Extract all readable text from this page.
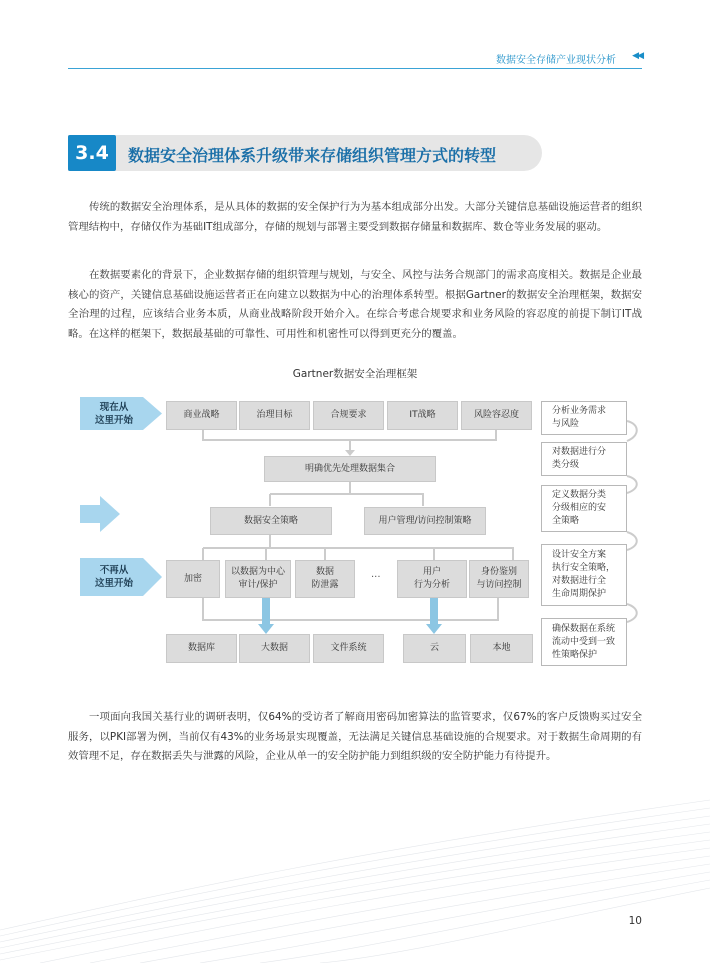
数据安全存储产业现状分析 ◀◀
3.4	数据安全治理体系升级带来存储组织管理方式的转型
传统的数据安全治理体系，是从具体的数据的安全保护行为为基本组成部分出发。大部分关键信息基础设施运营者的组织管理结构中，存储仅作为基础IT组成部分，存储的规划与部署主要受到数据存储量和数据库、数仓等业务发展的驱动。
在数据要素化的背景下，企业数据存储的组织管理与规划，与安全、风控与法务合规部门的需求高度相关。数据是企业最核心的资产，关键信息基础设施运营者正在向建立以数据为中心的治理体系转型。根据Gartner的数据安全治理框架，数据安全治理的过程，应该结合业务本质，从商业战略阶段开始介入。在综合考虑合规要求和业务风险的容忍度的前提下制订IT战略。在这样的框架下，数据最基础的可靠性、可用性和机密性可以得到更充分的覆盖。
Gartner数据安全治理框架
现在从
这里开始
不再从
这里开始
商业战略	治理目标	合规要求	IT战略	风险容忍度
明确优先处理数据集合
数据安全策略	用户管理/访问控制策略
加密
以数据为中心
审计/保护
数据
防泄露
···	用户
行为分析
身份鉴别
与访问控制
数据库	大数据	文件系统	云	本地
分析业务需求
与风险
对数据进行分
类分级
定义数据分类
分级相应的安
全策略
设计安全方案
执行安全策略，
对数据进行全
生命周期保护
确保数据在系统
流动中受到一致
性策略保护
一项面向我国关基行业的调研表明，仅64%的受访者了解商用密码加密算法的监管要求，仅67%的客户反馈购买过安全服务，以PKI部署为例，当前仅有43%的业务场景实现覆盖，无法满足关键信息基础设施的合规要求。对于数据生命周期的有效管理不足，存在数据丢失与泄露的风险，企业从单一的安全防护能力到组织级的安全防护能力有待提升。
10
